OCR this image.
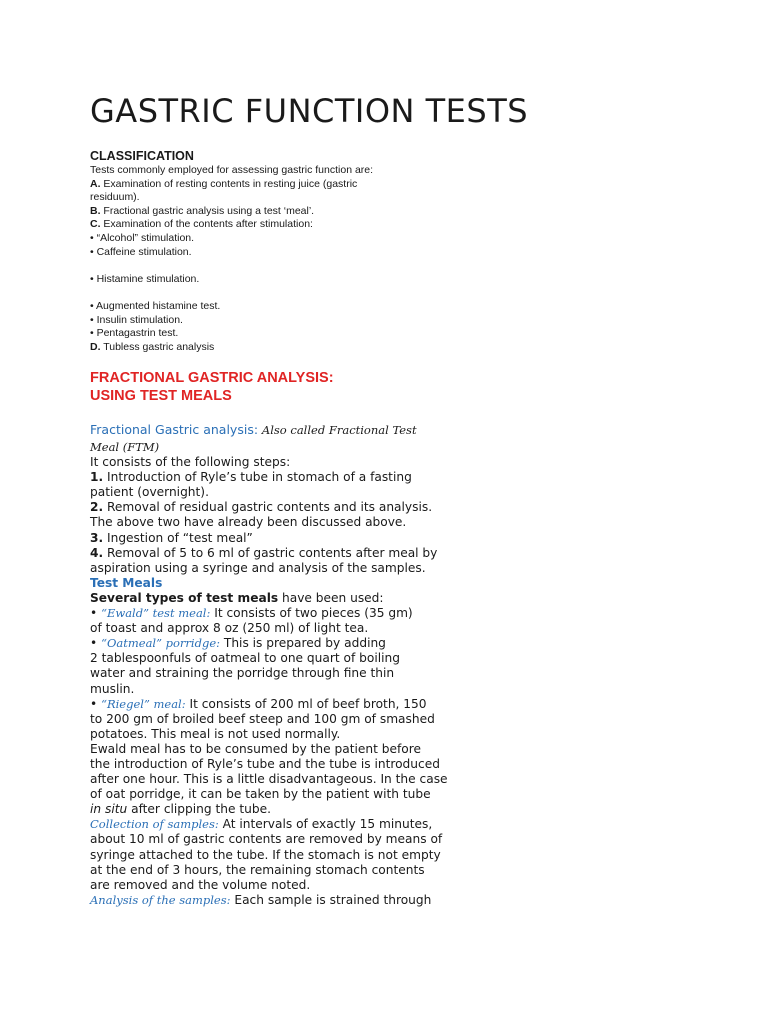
GASTRIC FUNCTION TESTS
CLASSIFICATION
Tests commonly employed for assessing gastric function are:
A. Examination of resting contents in resting juice (gastric
residuum).
B. Fractional gastric analysis using a test ‘meal’.
C. Examination of the contents after stimulation:
• “Alcohol” stimulation.
• Caffeine stimulation.
• Histamine stimulation.
• Augmented histamine test.
• Insulin stimulation.
• Pentagastrin test.
D. Tubless gastric analysis
FRACTIONAL GASTRIC ANALYSIS:
USING TEST MEALS
Fractional Gastric analysis: Also called Fractional Test
Meal (FTM)
It consists of the following steps:
1. Introduction of Ryle’s tube in stomach of a fasting
patient (overnight).
2. Removal of residual gastric contents and its analysis.
The above two have already been discussed above.
3. Ingestion of “test meal”
4. Removal of 5 to 6 ml of gastric contents after meal by
aspiration using a syringe and analysis of the samples.
Test Meals
Several types of test meals have been used:
• “Ewald” test meal: It consists of two pieces (35 gm)
of toast and approx 8 oz (250 ml) of light tea.
• “Oatmeal” porridge: This is prepared by adding
2 tablespoonfuls of oatmeal to one quart of boiling
water and straining the porridge through fine thin
muslin.
• “Riegel” meal: It consists of 200 ml of beef broth, 150
to 200 gm of broiled beef steep and 100 gm of smashed
potatoes. This meal is not used normally.
Ewald meal has to be consumed by the patient before
the introduction of Ryle’s tube and the tube is introduced
after one hour. This is a little disadvantageous. In the case
of oat porridge, it can be taken by the patient with tube
in situ after clipping the tube.
Collection of samples: At intervals of exactly 15 minutes,
about 10 ml of gastric contents are removed by means of
syringe attached to the tube. If the stomach is not empty
at the end of 3 hours, the remaining stomach contents
are removed and the volume noted.
Analysis of the samples: Each sample is strained through
